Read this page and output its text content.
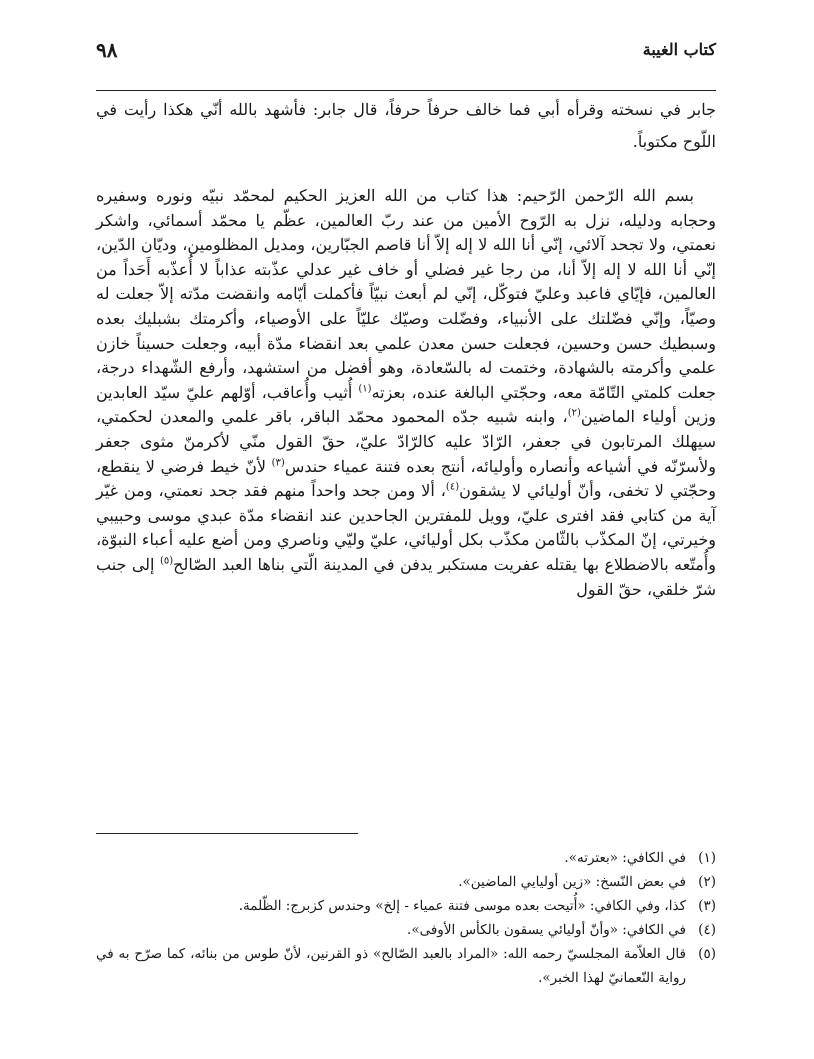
كتاب الغيبة
٩٨
جابر في نسخته وقرأه أبي فما خالف حرفاً حرفاً، قال جابر: فأشهد بالله أنّي هكذا رأيت في اللّوح مكتوباً.

بسم الله الرّحمن الرّحيم: هذا كتاب من الله العزيز الحكيم لمحمّد نبيّه ونوره وسفيره وحجابه ودليله، نزل به الرّوح الأمين من عند ربّ العالمين، عظّم يا محمّد أسمائي، واشكر نعمتي، ولا تجحد آلائي، إنّي أنا الله لا إله إلاّ أنا قاصم الجبّارين، ومديل المظلومين، وديّان الدّين، إنّي أنا الله لا إله إلاّ أنا، من رجا غير فضلي أو خاف غير عدلي عذّبته عذاباً لا أُعذّبه أَحَداً من العالمين، فإيّاي فاعبد وعليّ فتوكّل، إنّي لم أبعث نبيّاً فأكملت أيّامه وانقضت مدّته إلاّ جعلت له وصيّاً، وإنّي فضّلتك على الأنبياء، وفضّلت وصيّك عليّاً على الأوصياء، وأكرمتك بشبليك بعده وسبطيك حسن وحسين، فجعلت حسن معدن علمي بعد انقضاء مدّة أبيه، وجعلت حسيناً خازن علمي وأكرمته بالشهادة، وختمت له بالسّعادة، وهو أفضل من استشهد، وأرفع الشّهداء درجة، جعلت كلمتي التّامّة معه، وحجّتي البالغة عنده، بعزته$^{(١)}$ أُثيب وأُعاقب، أوّلهم عليّ سيّد العابدين وزين أولياء الماضين$^{(٢)}$، وابنه شبيه جدّه المحمود محمّد الباقر، باقر علمي والمعدن لحكمتي، سيهلك المرتابون في جعفر، الرّادّ عليه كالرّادّ عليّ، حقّ القول منّي لأكرمنّ مثوى جعفر ولأسرّنّه في أشياعه وأنصاره وأوليائه، أنتج بعده فتنة عمياء حندس$^{(٣)}$ لأنّ خيط فرضي لا ينقطع، وحجّتي لا تخفى، وأنّ أوليائي لا يشقون$^{(٤)}$، ألا ومن جحد واحداً منهم فقد جحد نعمتي، ومن غيّر آية من كتابي فقد افترى عليّ، وويل للمفترين الجاحدين عند انقضاء مدّة عبدي موسى وحبيبي وخيرتي، إنّ المكذّب بالثّامن مكذّب بكل أوليائي، عليّ وليّي وناصري ومن أضع عليه أعباء النبوّة، وأُمتّعه بالاضطلاع بها يقتله عفريت مستكبر يدفن في المدينة الّتي بناها العبد الصّالح$^{(٥)}$ إلى جنب شرّ خلقي، حقّ القول

(١)
في الكافي: «بعترته».
(٢)
في بعض النّسخ: «زين أوليايي الماضين».
(٣)
كذا، وفي الكافي: «أُتيحت بعده موسى فتنة عمياء - إلخ» وحندس كزبرج: الظّلمة.
(٤)
في الكافي: «وأنّ أوليائي يسقون بالكأس الأوفى».
(٥)
قال العلاّمة المجلسيّ رحمه الله: «المراد بالعبد الصّالح» ذو القرنين، لأنّ طوس من بنائه، كما صرّح به في رواية النّعمانيّ لهذا الخبر».
